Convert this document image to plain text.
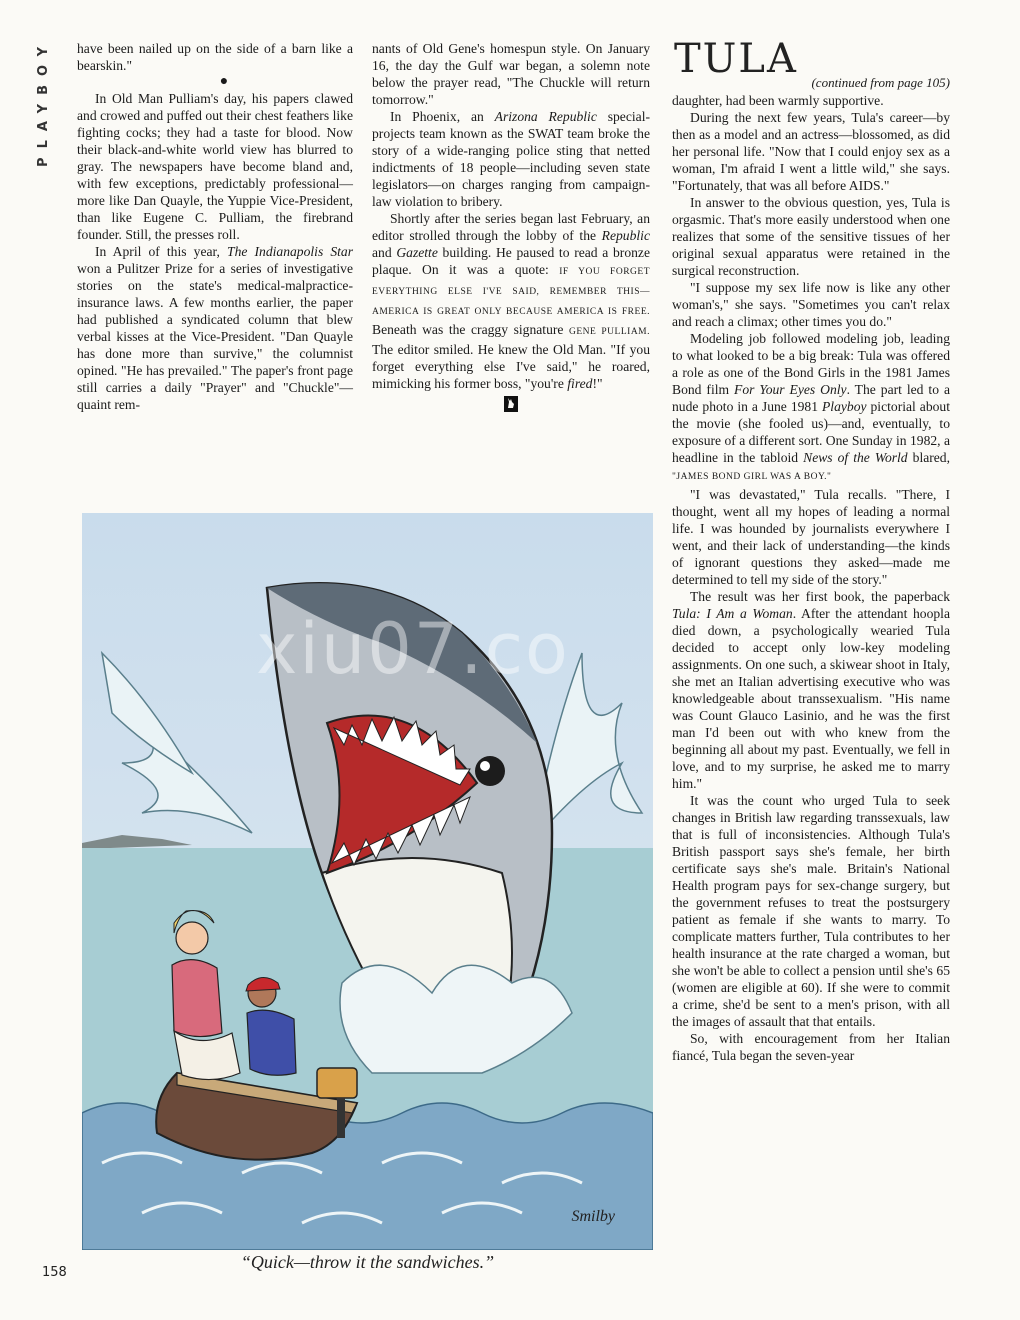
PLAYBOY	have been nailed up on the side of a barn like a bearskin."

●

In Old Man Pulliam's day, his papers clawed and crowed and puffed out their chest feathers like fighting cocks; they had a taste for blood. Now their black-and-white world view has blurred to gray. The newspapers have become bland and, with few exceptions, predictably professional—more like Dan Quayle, the Yuppie Vice-President, than like Eugene C. Pulliam, the firebrand founder. Still, the presses roll.

In April of this year, The Indianapolis Star won a Pulitzer Prize for a series of investigative stories on the state's medical-malpractice-insurance laws. A few months earlier, the paper had published a syndicated column that blew verbal kisses at the Vice-President. "Dan Quayle has done more than survive," the columnist opined. "He has prevailed." The paper's front page still carries a daily "Prayer" and "Chuckle"—quaint rem-

nants of Old Gene's homespun style. On January 16, the day the Gulf war began, a solemn note below the prayer read, "The Chuckle will return tomorrow."

In Phoenix, an Arizona Republic special-projects team known as the SWAT team broke the story of a wide-ranging police sting that netted indictments of 18 people—including seven state legislators—on charges ranging from campaign-law violation to bribery.

Shortly after the series began last February, an editor strolled through the lobby of the Republic and Gazette building. He paused to read a bronze plaque. On it was a quote: IF YOU FORGET EVERYTHING ELSE I'VE SAID, REMEMBER THIS—AMERICA IS GREAT ONLY BECAUSE AMERICA IS FREE. Beneath was the craggy signature GENE PULLIAM. The editor smiled. He knew the Old Man. "If you forget everything else I've said," he roared, mimicking his former boss, "you're fired!"

TULA
(continued from page 105)

daughter, had been warmly supportive.

During the next few years, Tula's career—by then as a model and an actress—blossomed, as did her personal life. "Now that I could enjoy sex as a woman, I'm afraid I went a little wild," she says. "Fortunately, that was all before AIDS."

In answer to the obvious question, yes, Tula is orgasmic. That's more easily understood when one realizes that some of the sensitive tissues of her original sexual apparatus were retained in the surgical reconstruction.

"I suppose my sex life now is like any other woman's," she says. "Sometimes you can't relax and reach a climax; other times you do."

Modeling job followed modeling job, leading to what looked to be a big break: Tula was offered a role as one of the Bond Girls in the 1981 James Bond film For Your Eyes Only. The part led to a nude photo in a June 1981 Playboy pictorial about the movie (she fooled us)—and, eventually, to exposure of a different sort. One Sunday in 1982, a headline in the tabloid News of the World blared, "JAMES BOND GIRL WAS A BOY."

"I was devastated," Tula recalls. "There, I thought, went all my hopes of leading a normal life. I was hounded by journalists everywhere I went, and their lack of understanding—the kinds of ignorant questions they asked—made me determined to tell my side of the story."

The result was her first book, the paperback Tula: I Am a Woman. After the attendant hoopla died down, a psychologically wearied Tula decided to accept only low-key modeling assignments. On one such, a skiwear shoot in Italy, she met an Italian advertising executive who was knowledgeable about transsexualism. "His name was Count Glauco Lasinio, and he was the first man I'd been out with who knew from the beginning all about my past. Eventually, we fell in love, and to my surprise, he asked me to marry him."

It was the count who urged Tula to seek changes in British law regarding transsexuals, law that is full of inconsistencies. Although Tula's British passport says she's female, her birth certificate says she's male. Britain's National Health program pays for sex-change surgery, but the government refuses to treat the postsurgery patient as female if she wants to marry. To complicate matters further, Tula contributes to her health insurance at the rate charged a woman, but she won't be able to collect a pension until she's 65 (women are eligible at 60). If she were to commit a crime, she'd be sent to a men's prison, with all the images of assault that that entails.

So, with encouragement from her Italian fiancé, Tula began the seven-year

Smilby
xiu07.co
“Quick—throw it the sandwiches.”
158
